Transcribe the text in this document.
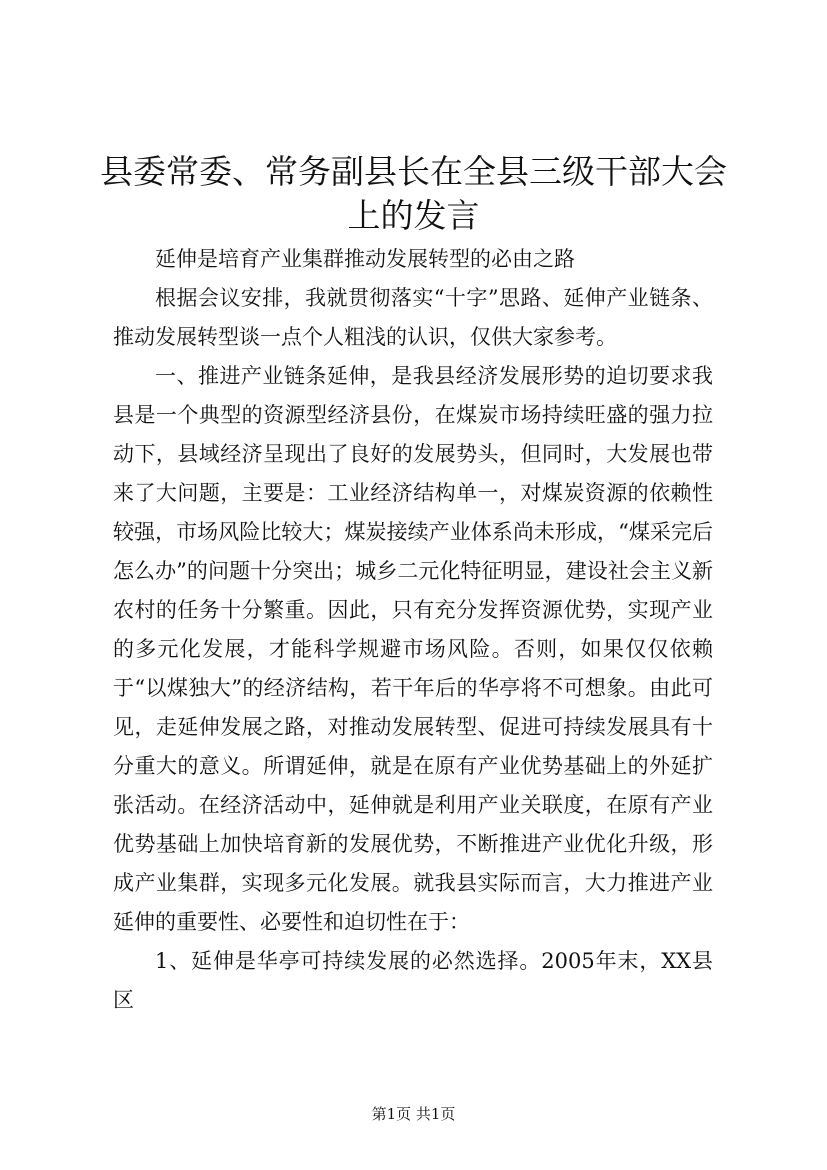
县委常委、常务副县长在全县三级干部大会上的发言

延伸是培育产业集群推动发展转型的必由之路

根据会议安排，我就贯彻落实“十字”思路、延伸产业链条、推动发展转型谈一点个人粗浅的认识，仅供大家参考。

一、推进产业链条延伸，是我县经济发展形势的迫切要求我县是一个典型的资源型经济县份，在煤炭市场持续旺盛的强力拉动下，县域经济呈现出了良好的发展势头，但同时，大发展也带来了大问题，主要是：工业经济结构单一，对煤炭资源的依赖性较强，市场风险比较大；煤炭接续产业体系尚未形成，“煤采完后怎么办”的问题十分突出；城乡二元化特征明显，建设社会主义新农村的任务十分繁重。因此，只有充分发挥资源优势，实现产业的多元化发展，才能科学规避市场风险。否则，如果仅仅依赖于“以煤独大”的经济结构，若干年后的华亭将不可想象。由此可见，走延伸发展之路，对推动发展转型、促进可持续发展具有十分重大的意义。所谓延伸，就是在原有产业优势基础上的外延扩张活动。在经济活动中，延伸就是利用产业关联度，在原有产业优势基础上加快培育新的发展优势，不断推进产业优化升级，形成产业集群，实现多元化发展。就我县实际而言，大力推进产业延伸的重要性、必要性和迫切性在于：

1、延伸是华亭可持续发展的必然选择。2005年末，XX县区

第1页 共1页
